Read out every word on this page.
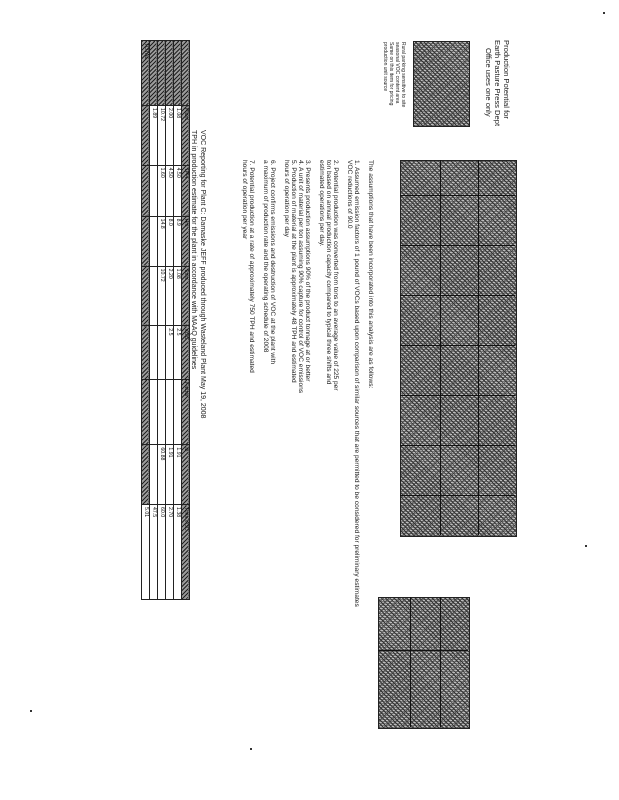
Production Potential for
Earth Pasture Press Dept
Office uses one only
Rural parking sensitive to site
seasonal VOC content area
Same on this item for pricing
production unit source
The assumptions that have been incorporated into this analysis are as follows:
1. Assumed emission factors of 1 pound of VOCs based upon comparison of similar sources that are permitted to be considered for preliminary estimates
VOC reductions of 90.0
2. Potential production was converted from tons to an average value of 225 per
ton based on annual production capacity compared to typical three shifts and
estimated operations per day.
3. Presents production assumptions 90% of the product tonnage at or better
4. A unit of material per ton assuming 90% capture for control of VOC emissions
5. Production of material at the plant is approximately 48 TPH and estimated
hours of operation per day
6. Project confirms emissions and destruction of VOC at the plant with
a maximum of production rate and the operating schedule of 2008
7. Potential production at a rate of approximately 750 TPH and estimated
hours of operation per year
VOC Reporting for Plant C: Damaske JEFF produced through Wasteland Plant May 19, 2008
TPH in production estimate for the plant in accordance with MAAQ guidelines
	Plant	TPH	Hrs	Tons	VOC	Factor	lb	Tons VOC
	1.08	4.50	8.9	1.08	2.5		1.91	1.38
	2.00	4.50	8.0	2.20	2.5		1.91	2.70
	10.72	1.60	14.8	10.72			60.88	60.0
	1.89							47.5
TOTAL								5.01
